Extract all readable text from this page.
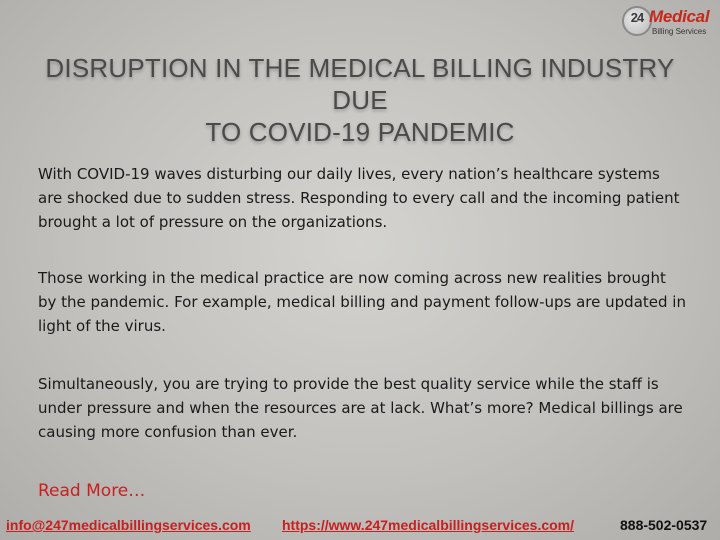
24 Medical
Billing Services
DISRUPTION IN THE MEDICAL BILLING INDUSTRY DUE
TO COVID-19 PANDEMIC

With COVID-19 waves disturbing our daily lives, every nation’s healthcare systems are shocked due to sudden stress. Responding to every call and the incoming patient brought a lot of pressure on the organizations.

Those working in the medical practice are now coming across new realities brought by the pandemic. For example, medical billing and payment follow-ups are updated in light of the virus.

Simultaneously, you are trying to provide the best quality service while the staff is under pressure and when the resources are at lack. What’s more? Medical billings are causing more confusion than ever.

Read More…
info@247medicalbillingservices.com https://www.247medicalbillingservices.com/	888-502-0537
